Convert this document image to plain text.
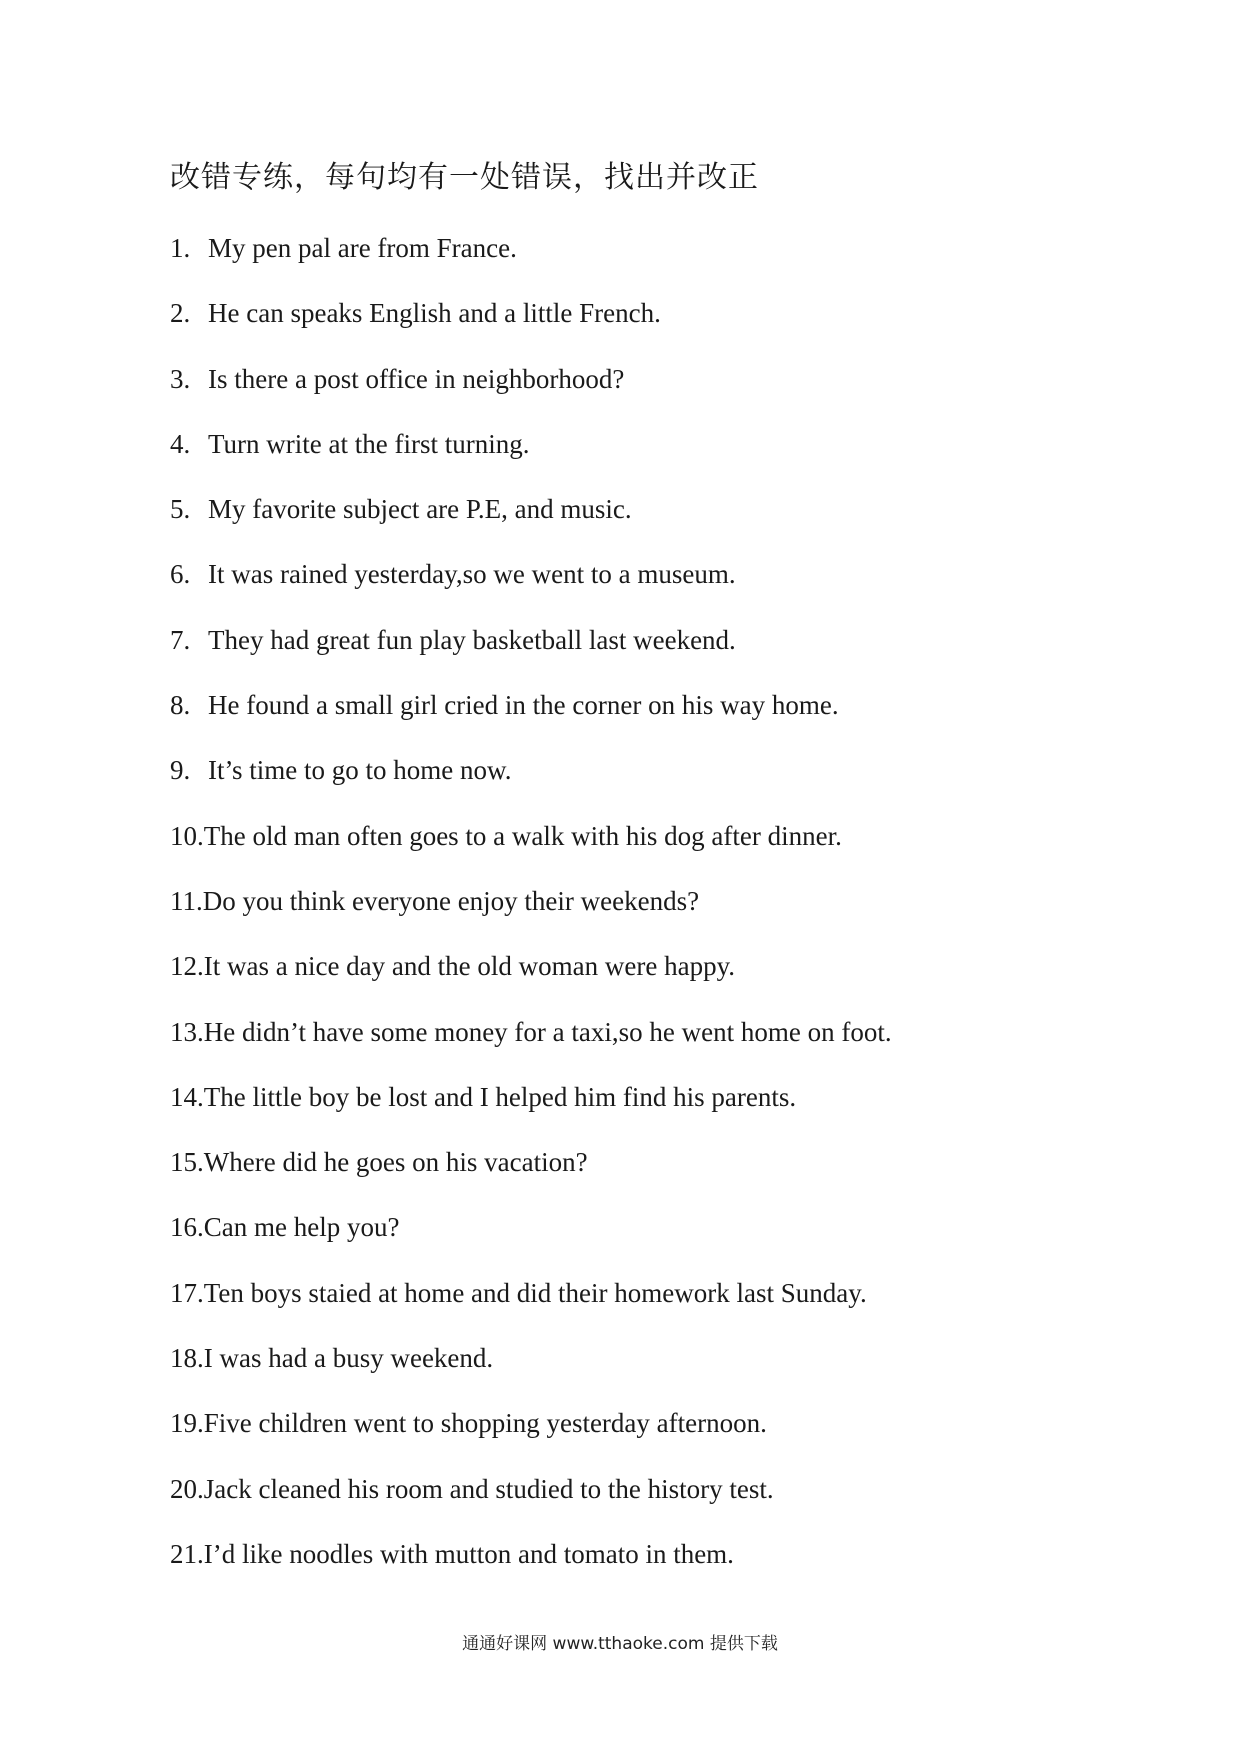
改错专练，每句均有一处错误，找出并改正
1. My pen pal are from France.
2. He can speaks English and a little French.
3. Is there a post office in neighborhood?
4. Turn write at the first turning.
5. My favorite subject are P.E, and music.
6. It was rained yesterday,so we went to a museum.
7. They had great fun play basketball last weekend.
8. He found a small girl cried in the corner on his way home.
9. It’s time to go to home now.
10.The old man often goes to a walk with his dog after dinner.
11.Do you think everyone enjoy their weekends?
12.It was a nice day and the old woman were happy.
13.He didn’t have some money for a taxi,so he went home on foot.
14.The little boy be lost and I helped him find his parents.
15.Where did he goes on his vacation?
16.Can me help you?
17.Ten boys staied at home and did their homework last Sunday.
18.I was had a busy weekend.
19.Five children went to shopping yesterday afternoon.
20.Jack cleaned his room and studied to the history test.
21.I’d like noodles with mutton and tomato in them.
通通好课网 www.tthaoke.com 提供下载
